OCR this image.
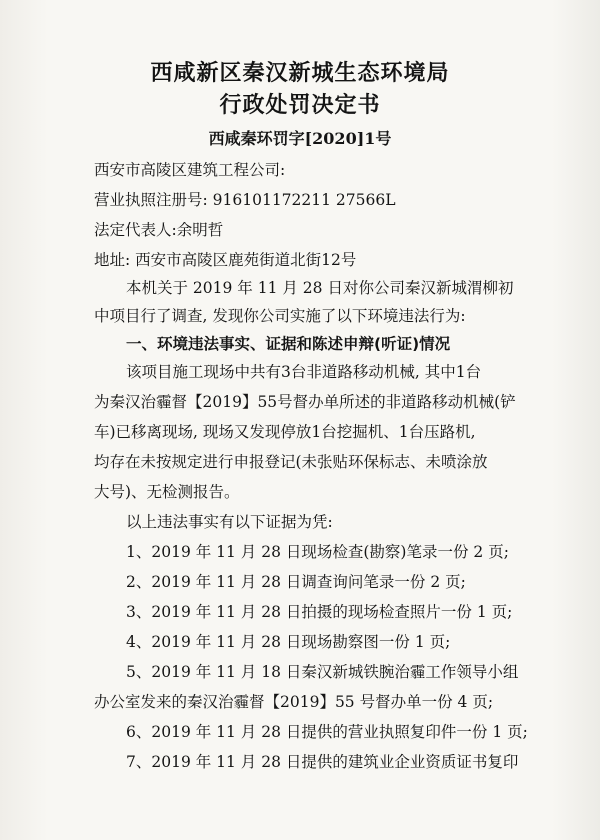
西咸新区秦汉新城生态环境局
行政处罚决定书
西咸秦环罚字[2020]1号
西安市高陵区建筑工程公司:
营业执照注册号: 916101172211 27566L
法定代表人:余明哲
地址: 西安市高陵区鹿苑街道北街12号
本机关于 2019 年 11 月 28 日对你公司秦汉新城渭柳初
中项目行了调查, 发现你公司实施了以下环境违法行为:
一、环境违法事实、证据和陈述申辩(听证)情况
该项目施工现场中共有3台非道路移动机械, 其中1台
为秦汉治霾督【2019】55号督办单所述的非道路移动机械(铲
车)已移离现场, 现场又发现停放1台挖掘机、1台压路机,
均存在未按规定进行申报登记(未张贴环保标志、未喷涂放
大号)、无检测报告。
以上违法事实有以下证据为凭:
1、2019 年 11 月 28 日现场检查(勘察)笔录一份 2 页;
2、2019 年 11 月 28 日调查询问笔录一份 2 页;
3、2019 年 11 月 28 日拍摄的现场检查照片一份 1 页;
4、2019 年 11 月 28 日现场勘察图一份 1 页;
5、2019 年 11 月 18 日秦汉新城铁腕治霾工作领导小组
办公室发来的秦汉治霾督【2019】55 号督办单一份 4 页;
6、2019 年 11 月 28 日提供的营业执照复印件一份 1 页;
7、2019 年 11 月 28 日提供的建筑业企业资质证书复印
